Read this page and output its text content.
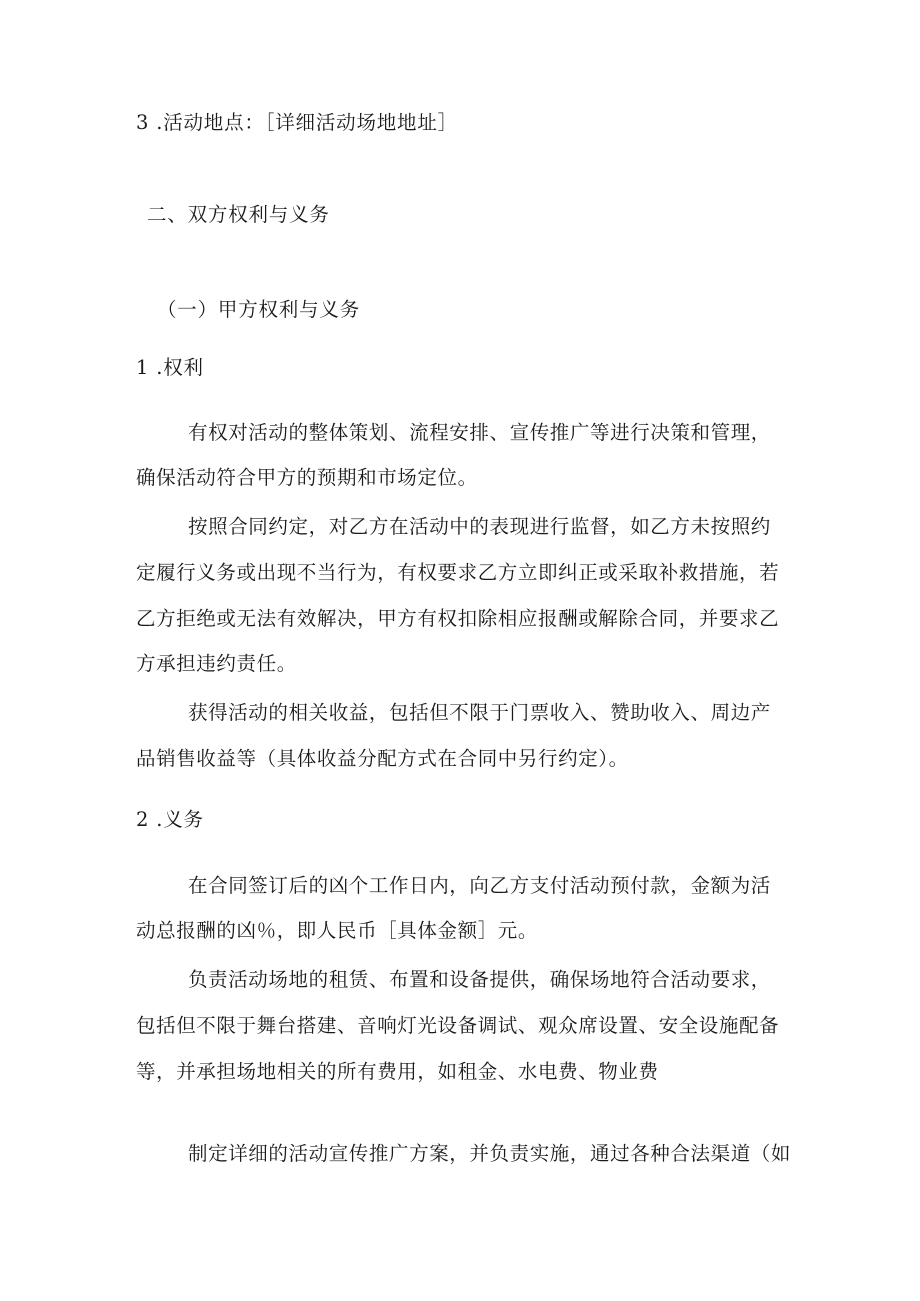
3 .活动地点：［详细活动场地地址］
二、双方权利与义务
（一）甲方权利与义务
1 .权利
有权对活动的整体策划、流程安排、宣传推广等进行决策和管理，
确保活动符合甲方的预期和市场定位。
按照合同约定，对乙方在活动中的表现进行监督，如乙方未按照约
定履行义务或出现不当行为，有权要求乙方立即纠正或采取补救措施，若
乙方拒绝或无法有效解决，甲方有权扣除相应报酬或解除合同，并要求乙
方承担违约责任。
获得活动的相关收益，包括但不限于门票收入、赞助收入、周边产
品销售收益等（具体收益分配方式在合同中另行约定）。
2 .义务
在合同签订后的凶个工作日内，向乙方支付活动预付款，金额为活
动总报酬的凶％，即人民币［具体金额］元。
负责活动场地的租赁、布置和设备提供，确保场地符合活动要求，
包括但不限于舞台搭建、音响灯光设备调试、观众席设置、安全设施配备
等，并承担场地相关的所有费用，如租金、水电费、物业费
制定详细的活动宣传推广方案，并负责实施，通过各种合法渠道（如
